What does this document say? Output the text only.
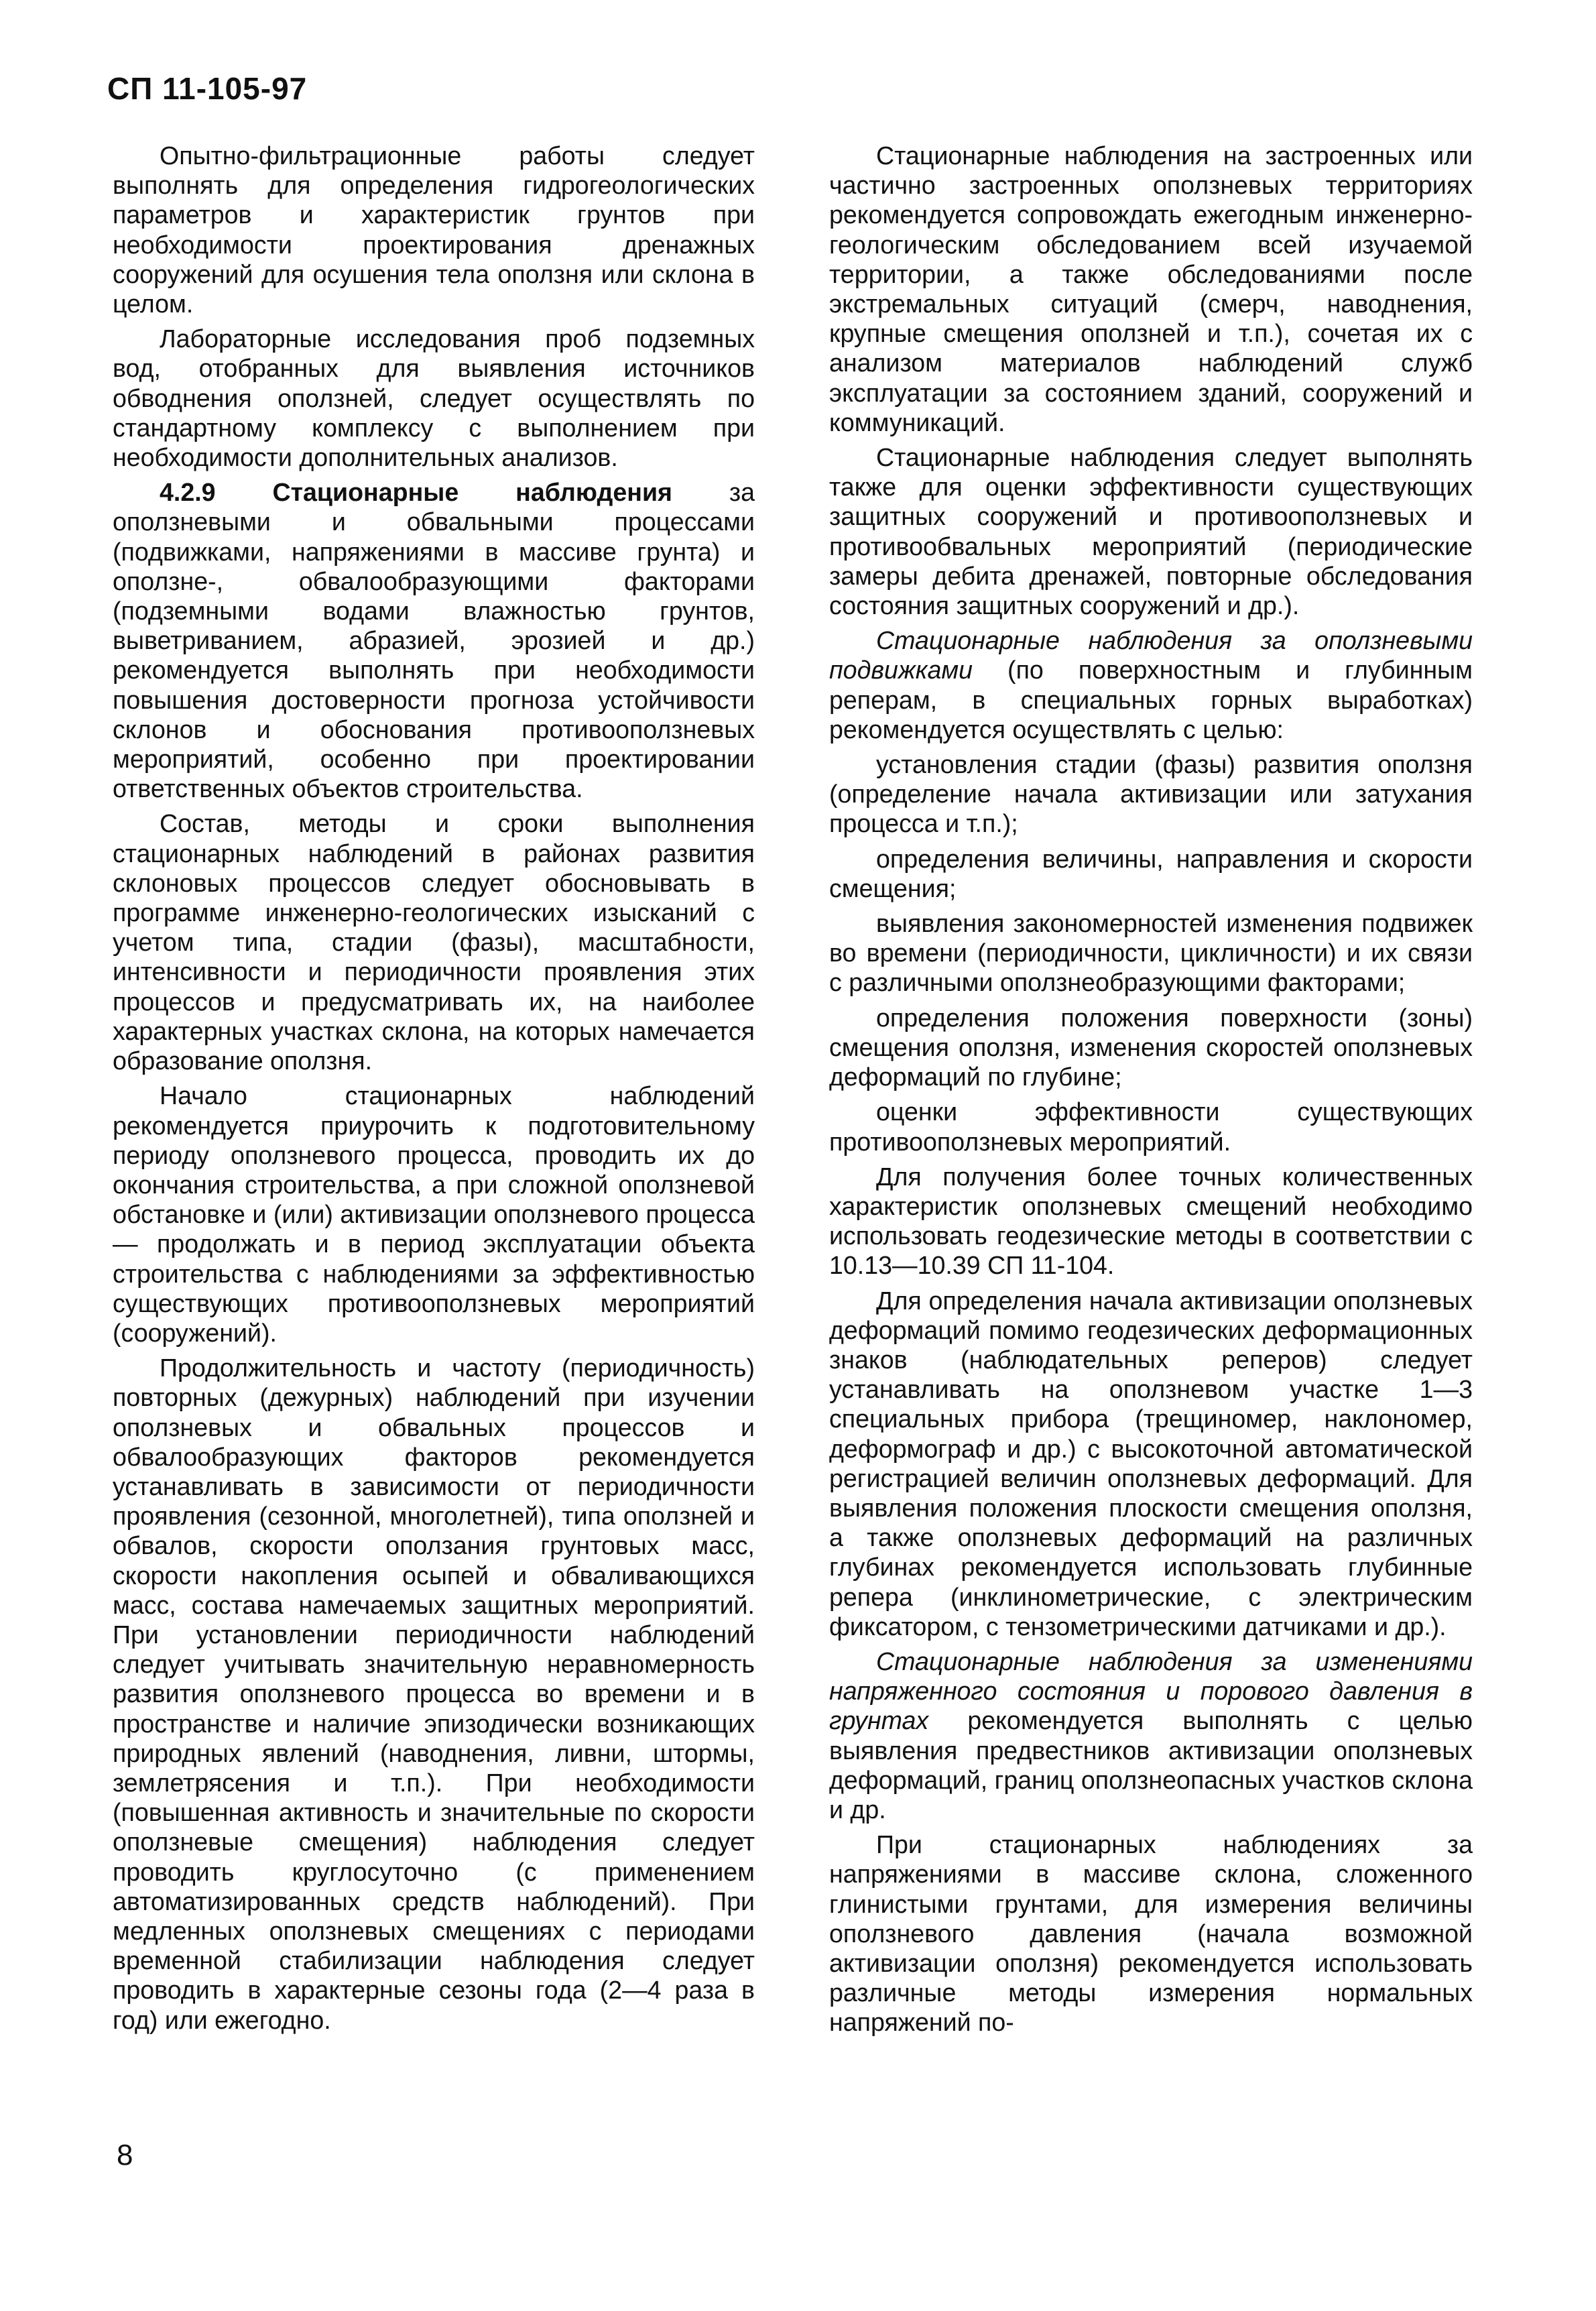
СП 11-105-97

Опытно-фильтрационные работы следует выполнять для определения гидрогеологических параметров и характеристик грунтов при необходимости проектирования дренажных сооружений для осушения тела оползня или склона в целом.

Лабораторные исследования проб подземных вод, отобранных для выявления источников обводнения оползней, следует осуществлять по стандартному комплексу с выполнением при необходимости дополнительных анализов.

4.2.9 Стационарные наблюдения за оползневыми и обвальными процессами (подвижками, напряжениями в массиве грунта) и оползне-, обвалообразующими факторами (подземными водами влажностью грунтов, выветриванием, абразией, эрозией и др.) рекомендуется выполнять при необходимости повышения достоверности прогноза устойчивости склонов и обоснования противооползневых мероприятий, особенно при проектировании ответственных объектов строительства.

Состав, методы и сроки выполнения стационарных наблюдений в районах развития склоновых процессов следует обосновывать в программе инженерно-геологических изысканий с учетом типа, стадии (фазы), масштабности, интенсивности и периодичности проявления этих процессов и предусматривать их, на наиболее характерных участках склона, на которых намечается образование оползня.

Начало стационарных наблюдений рекомендуется приурочить к подготовительному периоду оползневого процесса, проводить их до окончания строительства, а при сложной оползневой обстановке и (или) активизации оползневого процесса — продолжать и в период эксплуатации объекта строительства с наблюдениями за эффективностью существующих противооползневых мероприятий (сооружений).

Продолжительность и частоту (периодичность) повторных (дежурных) наблюдений при изучении оползневых и обвальных процессов и обвалообразующих факторов рекомендуется устанавливать в зависимости от периодичности проявления (сезонной, многолетней), типа оползней и обвалов, скорости оползания грунтовых масс, скорости накопления осыпей и обваливающихся масс, состава намечаемых защитных мероприятий. При установлении периодичности наблюдений следует учитывать значительную неравномерность развития оползневого процесса во времени и в пространстве и наличие эпизодически возникающих природных явлений (наводнения, ливни, штормы, землетрясения и т.п.). При необходимости (повышенная активность и значительные по скорости оползневые смещения) наблюдения следует проводить круглосуточно (с применением автоматизированных средств наблюдений). При медленных оползневых смещениях с периодами временной стабилизации наблюдения следует проводить в характерные сезоны года (2—4 раза в год) или ежегодно.

Стационарные наблюдения на застроенных или частично застроенных оползневых территориях рекомендуется сопровождать ежегодным инженерно-геологическим обследованием всей изучаемой территории, а также обследованиями после экстремальных ситуаций (смерч, наводнения, крупные смещения оползней и т.п.), сочетая их с анализом материалов наблюдений служб эксплуатации за состоянием зданий, сооружений и коммуникаций.

Стационарные наблюдения следует выполнять также для оценки эффективности существующих защитных сооружений и противооползневых и противообвальных мероприятий (периодические замеры дебита дренажей, повторные обследования состояния защитных сооружений и др.).

Стационарные наблюдения за оползневыми подвижками (по поверхностным и глубинным реперам, в специальных горных выработках) рекомендуется осуществлять с целью:

установления стадии (фазы) развития оползня (определение начала активизации или затухания процесса и т.п.);

определения величины, направления и скорости смещения;

выявления закономерностей изменения подвижек во времени (периодичности, цикличности) и их связи с различными оползнеобразующими факторами;

определения положения поверхности (зоны) смещения оползня, изменения скоростей оползневых деформаций по глубине;

оценки эффективности существующих противооползневых мероприятий.

Для получения более точных количественных характеристик оползневых смещений необходимо использовать геодезические методы в соответствии с 10.13—10.39 СП 11-104.

Для определения начала активизации оползневых деформаций помимо геодезических деформационных знаков (наблюдательных реперов) следует устанавливать на оползневом участке 1—3 специальных прибора (трещиномер, наклономер, деформограф и др.) с высокоточной автоматической регистрацией величин оползневых деформаций. Для выявления положения плоскости смещения оползня, а также оползневых деформаций на различных глубинах рекомендуется использовать глубинные репера (инклинометрические, с электрическим фиксатором, с тензометрическими датчиками и др.).

Стационарные наблюдения за изменениями напряженного состояния и порового давления в грунтах рекомендуется выполнять с целью выявления предвестников активизации оползневых деформаций, границ оползнеопасных участков склона и др.

При стационарных наблюдениях за напряжениями в массиве склона, сложенного глинистыми грунтами, для измерения величины оползневого давления (начала возможной активизации оползня) рекомендуется использовать различные методы измерения нормальных напряжений по-

8
